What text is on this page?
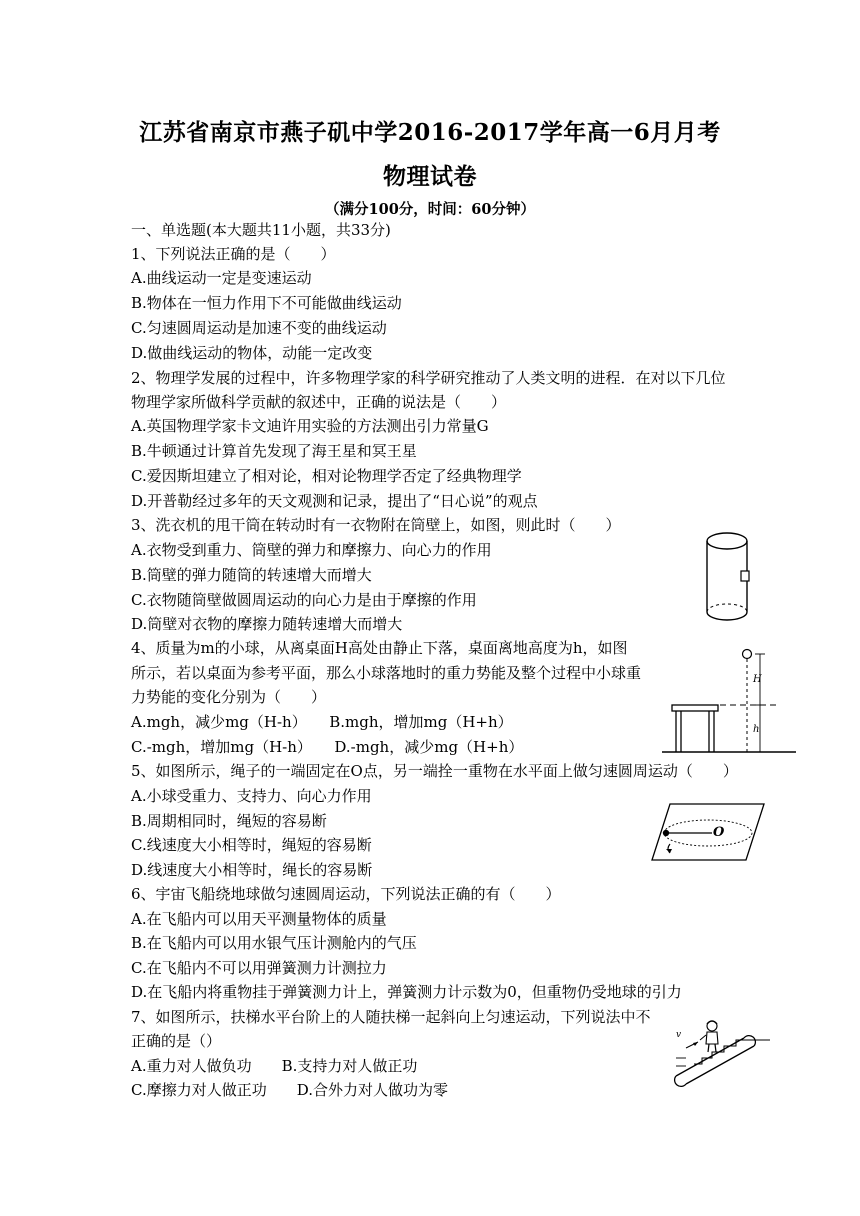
江苏省南京市燕子矶中学2016-2017学年高一6月月考
物理试卷
（满分100分，时间：60分钟）
一、单选题(本大题共11小题，共33分)
1、下列说法正确的是（　　）
A.曲线运动一定是变速运动
B.物体在一恒力作用下不可能做曲线运动
C.匀速圆周运动是加速不变的曲线运动
D.做曲线运动的物体，动能一定改变
2、物理学发展的过程中，许多物理学家的科学研究推动了人类文明的进程．在对以下几位
物理学家所做科学贡献的叙述中，正确的说法是（　　）
A.英国物理学家卡文迪许用实验的方法测出引力常量G
B.牛顿通过计算首先发现了海王星和冥王星
C.爱因斯坦建立了相对论，相对论物理学否定了经典物理学
D.开普勒经过多年的天文观测和记录，提出了“日心说”的观点
3、洗衣机的甩干筒在转动时有一衣物附在筒壁上，如图，则此时（　　）
A.衣物受到重力、筒壁的弹力和摩擦力、向心力的作用
B.筒壁的弹力随筒的转速增大而增大
C.衣物随筒壁做圆周运动的向心力是由于摩擦的作用
D.筒壁对衣物的摩擦力随转速增大而增大
4、质量为m的小球，从离桌面H高处由静止下落，桌面离地高度为h，如图
所示，若以桌面为参考平面，那么小球落地时的重力势能及整个过程中小球重
力势能的变化分别为（　　）
A.mgh，减少mg（H-h）　　B.mgh，增加mg（H+h）
C.-mgh，增加mg（H-h）　　D.-mgh，减少mg（H+h）
5、如图所示，绳子的一端固定在O点，另一端拴一重物在水平面上做匀速圆周运动（　　）
A.小球受重力、支持力、向心力作用
B.周期相同时，绳短的容易断
C.线速度大小相等时，绳短的容易断
D.线速度大小相等时，绳长的容易断
6、宇宙飞船绕地球做匀速圆周运动，下列说法正确的有（　　）
A.在飞船内可以用天平测量物体的质量
B.在飞船内可以用水银气压计测舱内的气压
C.在飞船内不可以用弹簧测力计测拉力
D.在飞船内将重物挂于弹簧测力计上，弹簧测力计示数为0，但重物仍受地球的引力
7、如图所示，扶梯水平台阶上的人随扶梯一起斜向上匀速运动，下列说法中不
正确的是（）
A.重力对人做负功　　B.支持力对人做正功
C.摩擦力对人做正功　　D.合外力对人做功为零
H
h
O
v
